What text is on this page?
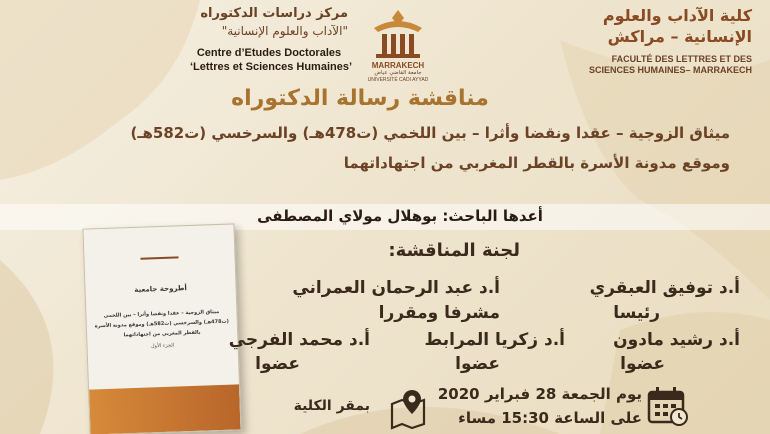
كلية الآداب والعلوم
الإنسانية – مراكش
FACULTÉ DES LETTRES ET DES
SCIENCES HUMAINES– MARRAKECH
MARRAKECH
جامعة القاضي عياض
UNIVERSITÉ CADI AYYAD
مركز دراسات الدكتوراه
"الآداب والعلوم الإنسانية"
Centre d’Etudes Doctorales
‘Lettres et Sciences Humaines’
مناقشة رسالة الدكتوراه
ميثاق الزوجية – عقدا ونقضا وأثرا – بين اللخمي (ت478هـ) والسرخسي (ت582هـ)
وموقع مدونة الأسرة بالقطر المغربي من اجتهاداتهما
أعدها الباحث: بوهلال مولاي المصطفى
أطروحة جامعية
ميثاق الزوجية – عقدا ونقضا وأثرا – بين اللخمي
(ت478هـ) والسرخسي (ت582هـ) وموقع مدونة الأسرة
بالقطر المغربي من اجتهاداتهما
الجزء الأول
لجنة المناقشة:
أ.د توفيق العبقري
رئيسا
أ.د عبد الرحمان العمراني
مشرفا ومقررا
أ.د رشيد مادون
عضوا
أ.د زكريا المرابط
عضوا
أ.د محمد الفرجي
عضوا
يوم الجمعة 28 فبراير 2020
على الساعة 15:30 مساء
بمقر الكلية
